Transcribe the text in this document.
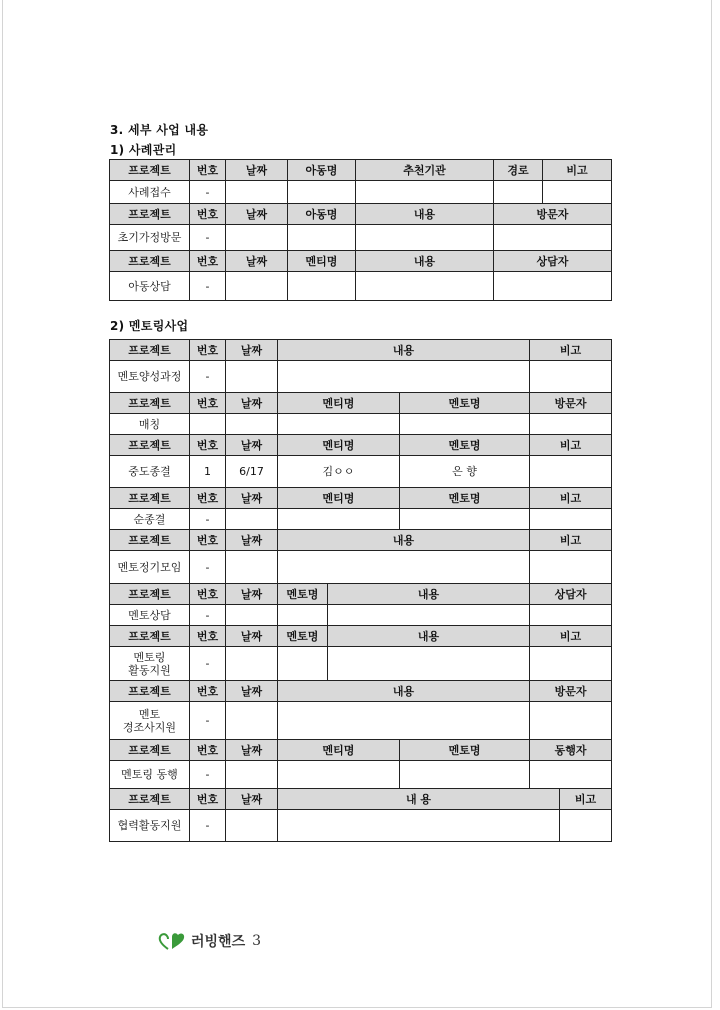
3. 세부 사업 내용
1) 사례관리
프로젝트	번호	날짜	아동명	추천기관	경로	비고
사례접수	-					
프로젝트	번호	날짜	아동명	내용	방문자	
초기가정방문	-					
프로젝트	번호	날짜	멘티명	내용	상담자	
아동상담	-					
2) 멘토링사업
프로젝트	번호	날짜	내용			비고	
멘토양성과정	-						
프로젝트	번호	날짜	멘티명		멘토명	방문자	
매칭							
프로젝트	번호	날짜	멘티명		멘토명	비고	
중도종결	1	6/17	김ㅇㅇ		은 향		
프로젝트	번호	날짜	멘티명		멘토명	비고	
순종결	-						
프로젝트	번호	날짜	내용			비고	
멘토정기모임	-						
프로젝트	번호	날짜	멘토명	내용		상담자	
멘토상담	-						
프로젝트	번호	날짜	멘토명	내용		비고	

멘토링
활동지원	-						
프로젝트	번호	날짜	내용			방문자	

멘토
경조사지원	-						
프로젝트	번호	날짜	멘티명		멘토명	동행자	
멘토링 동행	-						
프로젝트	번호	날짜	내 용				비고
협력활동지원	-						
러빙핸즈 3
